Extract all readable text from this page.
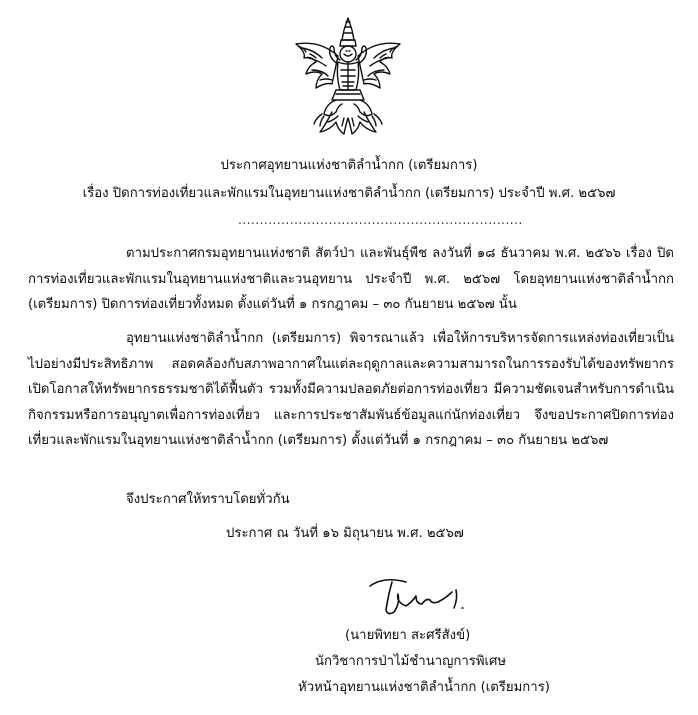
ประกาศอุทยานแห่งชาติลำน้ำกก (เตรียมการ)
เรื่อง ปิดการท่องเที่ยวและพักแรมในอุทยานแห่งชาติลำน้ำกก (เตรียมการ) ประจำปี พ.ศ. ๒๕๖๗
..................................................................
ตามประกาศกรมอุทยานแห่งชาติ สัตว์ป่า และพันธุ์พืช ลงวันที่ ๑๘ ธันวาคม พ.ศ. ๒๕๖๖ เรื่อง ปิดการท่องเที่ยวและพักแรมในอุทยานแห่งชาติและวนอุทยาน ประจำปี พ.ศ. ๒๕๖๗ โดยอุทยานแห่งชาติลำน้ำกก (เตรียมการ) ปิดการท่องเที่ยวทั้งหมด ตั้งแต่วันที่ ๑ กรกฎาคม – ๓๐ กันยายน ๒๕๖๗ นั้น
อุทยานแห่งชาติลำน้ำกก (เตรียมการ) พิจารณาแล้ว เพื่อให้การบริหารจัดการแหล่งท่องเที่ยวเป็นไปอย่างมีประสิทธิภาพ สอดคล้องกับสภาพอากาศในแต่ละฤดูกาลและความสามารถในการรองรับได้ของทรัพยากร เปิดโอกาสให้ทรัพยากรธรรมชาติได้ฟื้นตัว รวมทั้งมีความปลอดภัยต่อการท่องเที่ยว มีความชัดเจนสำหรับการดำเนินกิจกรรมหรือการอนุญาตเพื่อการท่องเที่ยว และการประชาสัมพันธ์ข้อมูลแก่นักท่องเที่ยว จึงขอประกาศปิดการท่องเที่ยวและพักแรมในอุทยานแห่งชาติลำน้ำกก (เตรียมการ) ตั้งแต่วันที่ ๑ กรกฎาคม – ๓๐ กันยายน ๒๕๖๗
จึงประกาศให้ทราบโดยทั่วกัน
ประกาศ ณ วันที่ ๑๖ มิถุนายน พ.ศ. ๒๕๖๗
(นายพิทยา สะศรีสังข์)
นักวิชาการป่าไม้ชำนาญการพิเศษ
หัวหน้าอุทยานแห่งชาติลำน้ำกก (เตรียมการ)
